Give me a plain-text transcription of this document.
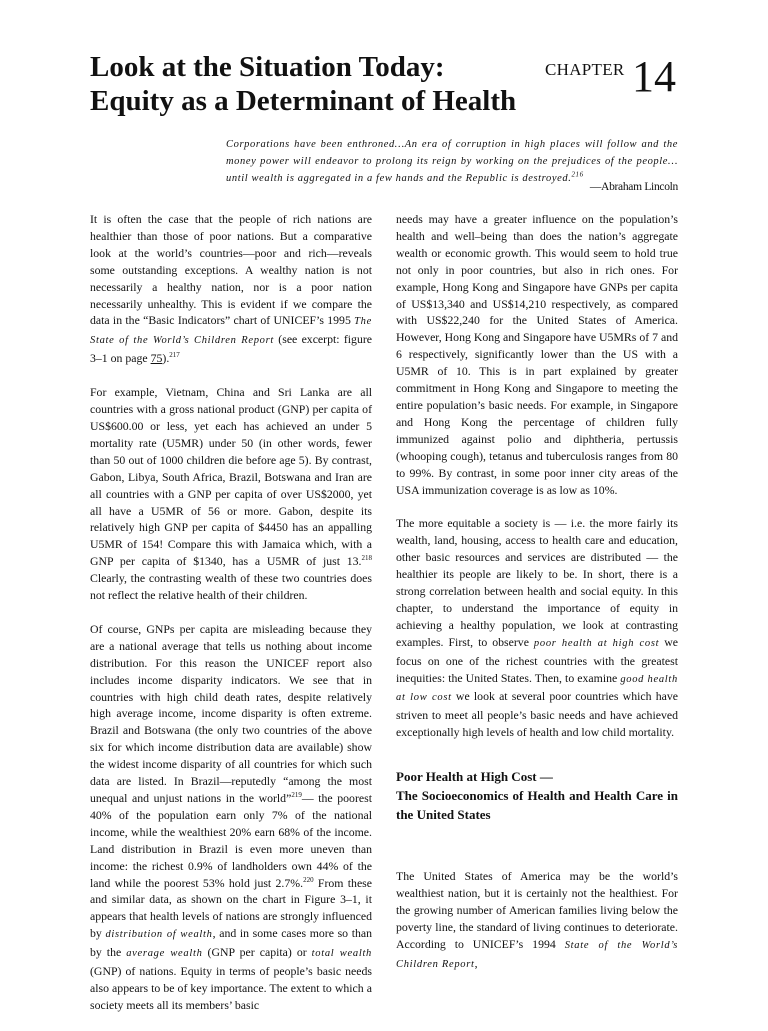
Look at the Situation Today:
Equity as a Determinant of Health
CHAPTER 14

Corporations have been enthroned…An era of corruption in high places will follow and the money power will endeavor to prolong its reign by working on the prejudices of the people…until wealth is aggregated in a few hands and the Republic is destroyed.$^{216}$

—Abraham Lincoln

It is often the case that the people of rich nations are healthier than those of poor nations. But a comparative look at the world’s countries—poor and rich—reveals some outstanding exceptions. A wealthy nation is not necessarily a healthy nation, nor is a poor nation necessarily unhealthy. This is evident if we compare the data in the “Basic Indicators” chart of UNICEF’s 1995 The State of the World’s Children Report (see excerpt: figure 3–1 on page 75).$^{217}$

For example, Vietnam, China and Sri Lanka are all countries with a gross national product (GNP) per capita of US$600.00 or less, yet each has achieved an under 5 mortality rate (U5MR) under 50 (in other words, fewer than 50 out of 1000 children die before age 5). By contrast, Gabon, Libya, South Africa, Brazil, Botswana and Iran are all countries with a GNP per capita of over US$2000, yet all have a U5MR of 56 or more. Gabon, despite its relatively high GNP per capita of $4450 has an appalling U5MR of 154! Compare this with Jamaica which, with a GNP per capita of $1340, has a U5MR of just 13.$^{218}$ Clearly, the contrasting wealth of these two countries does not reflect the relative health of their children.

Of course, GNPs per capita are misleading because they are a national average that tells us nothing about income distribution. For this reason the UNICEF report also includes income disparity indicators. We see that in countries with high child death rates, despite relatively high average income, income disparity is often extreme. Brazil and Botswana (the only two countries of the above six for which income distribution data are available) show the widest income disparity of all countries for which such data are listed. In Brazil—reputedly “among the most unequal and unjust nations in the world”$^{219}$— the poorest 40% of the population earn only 7% of the national income, while the wealthiest 20% earn 68% of the income. Land distribution in Brazil is even more uneven than income: the richest 0.9% of landholders own 44% of the land while the poorest 53% hold just 2.7%.$^{220}$ From these and similar data, as shown on the chart in Figure 3–1, it appears that health levels of nations are strongly influenced by distribution of wealth, and in some cases more so than by the average wealth (GNP per capita) or total wealth (GNP) of nations. Equity in terms of people’s basic needs also appears to be of key importance. The extent to which a society meets all its members’ basic

needs may have a greater influence on the population’s health and well–being than does the nation’s aggregate wealth or economic growth. This would seem to hold true not only in poor countries, but also in rich ones. For example, Hong Kong and Singapore have GNPs per capita of US$13,340 and US$14,210 respectively, as compared with US$22,240 for the United States of America. However, Hong Kong and Singapore have U5MRs of 7 and 6 respectively, significantly lower than the US with a U5MR of 10. This is in part explained by greater commitment in Hong Kong and Singapore to meeting the entire population’s basic needs. For example, in Singapore and Hong Kong the percentage of children fully immunized against polio and diphtheria, pertussis (whooping cough), tetanus and tuberculosis ranges from 80 to 99%. By contrast, in some poor inner city areas of the USA immunization coverage is as low as 10%.

The more equitable a society is — i.e. the more fairly its wealth, land, housing, access to health care and education, other basic resources and services are distributed — the healthier its people are likely to be. In short, there is a strong correlation between health and social equity. In this chapter, to understand the importance of equity in achieving a healthy population, we look at contrasting examples. First, to observe poor health at high cost we focus on one of the richest countries with the greatest inequities: the United States. Then, to examine good health at low cost we look at several poor countries which have striven to meet all people’s basic needs and have achieved exceptionally high levels of health and low child mortality.

Poor Health at High Cost —
The Socioeconomics of Health and Health Care in the United States

The United States of America may be the world’s wealthiest nation, but it is certainly not the healthiest. For the growing number of American families living below the poverty line, the standard of living continues to deteriorate. According to UNICEF’s 1994 State of the World’s Children Report,
